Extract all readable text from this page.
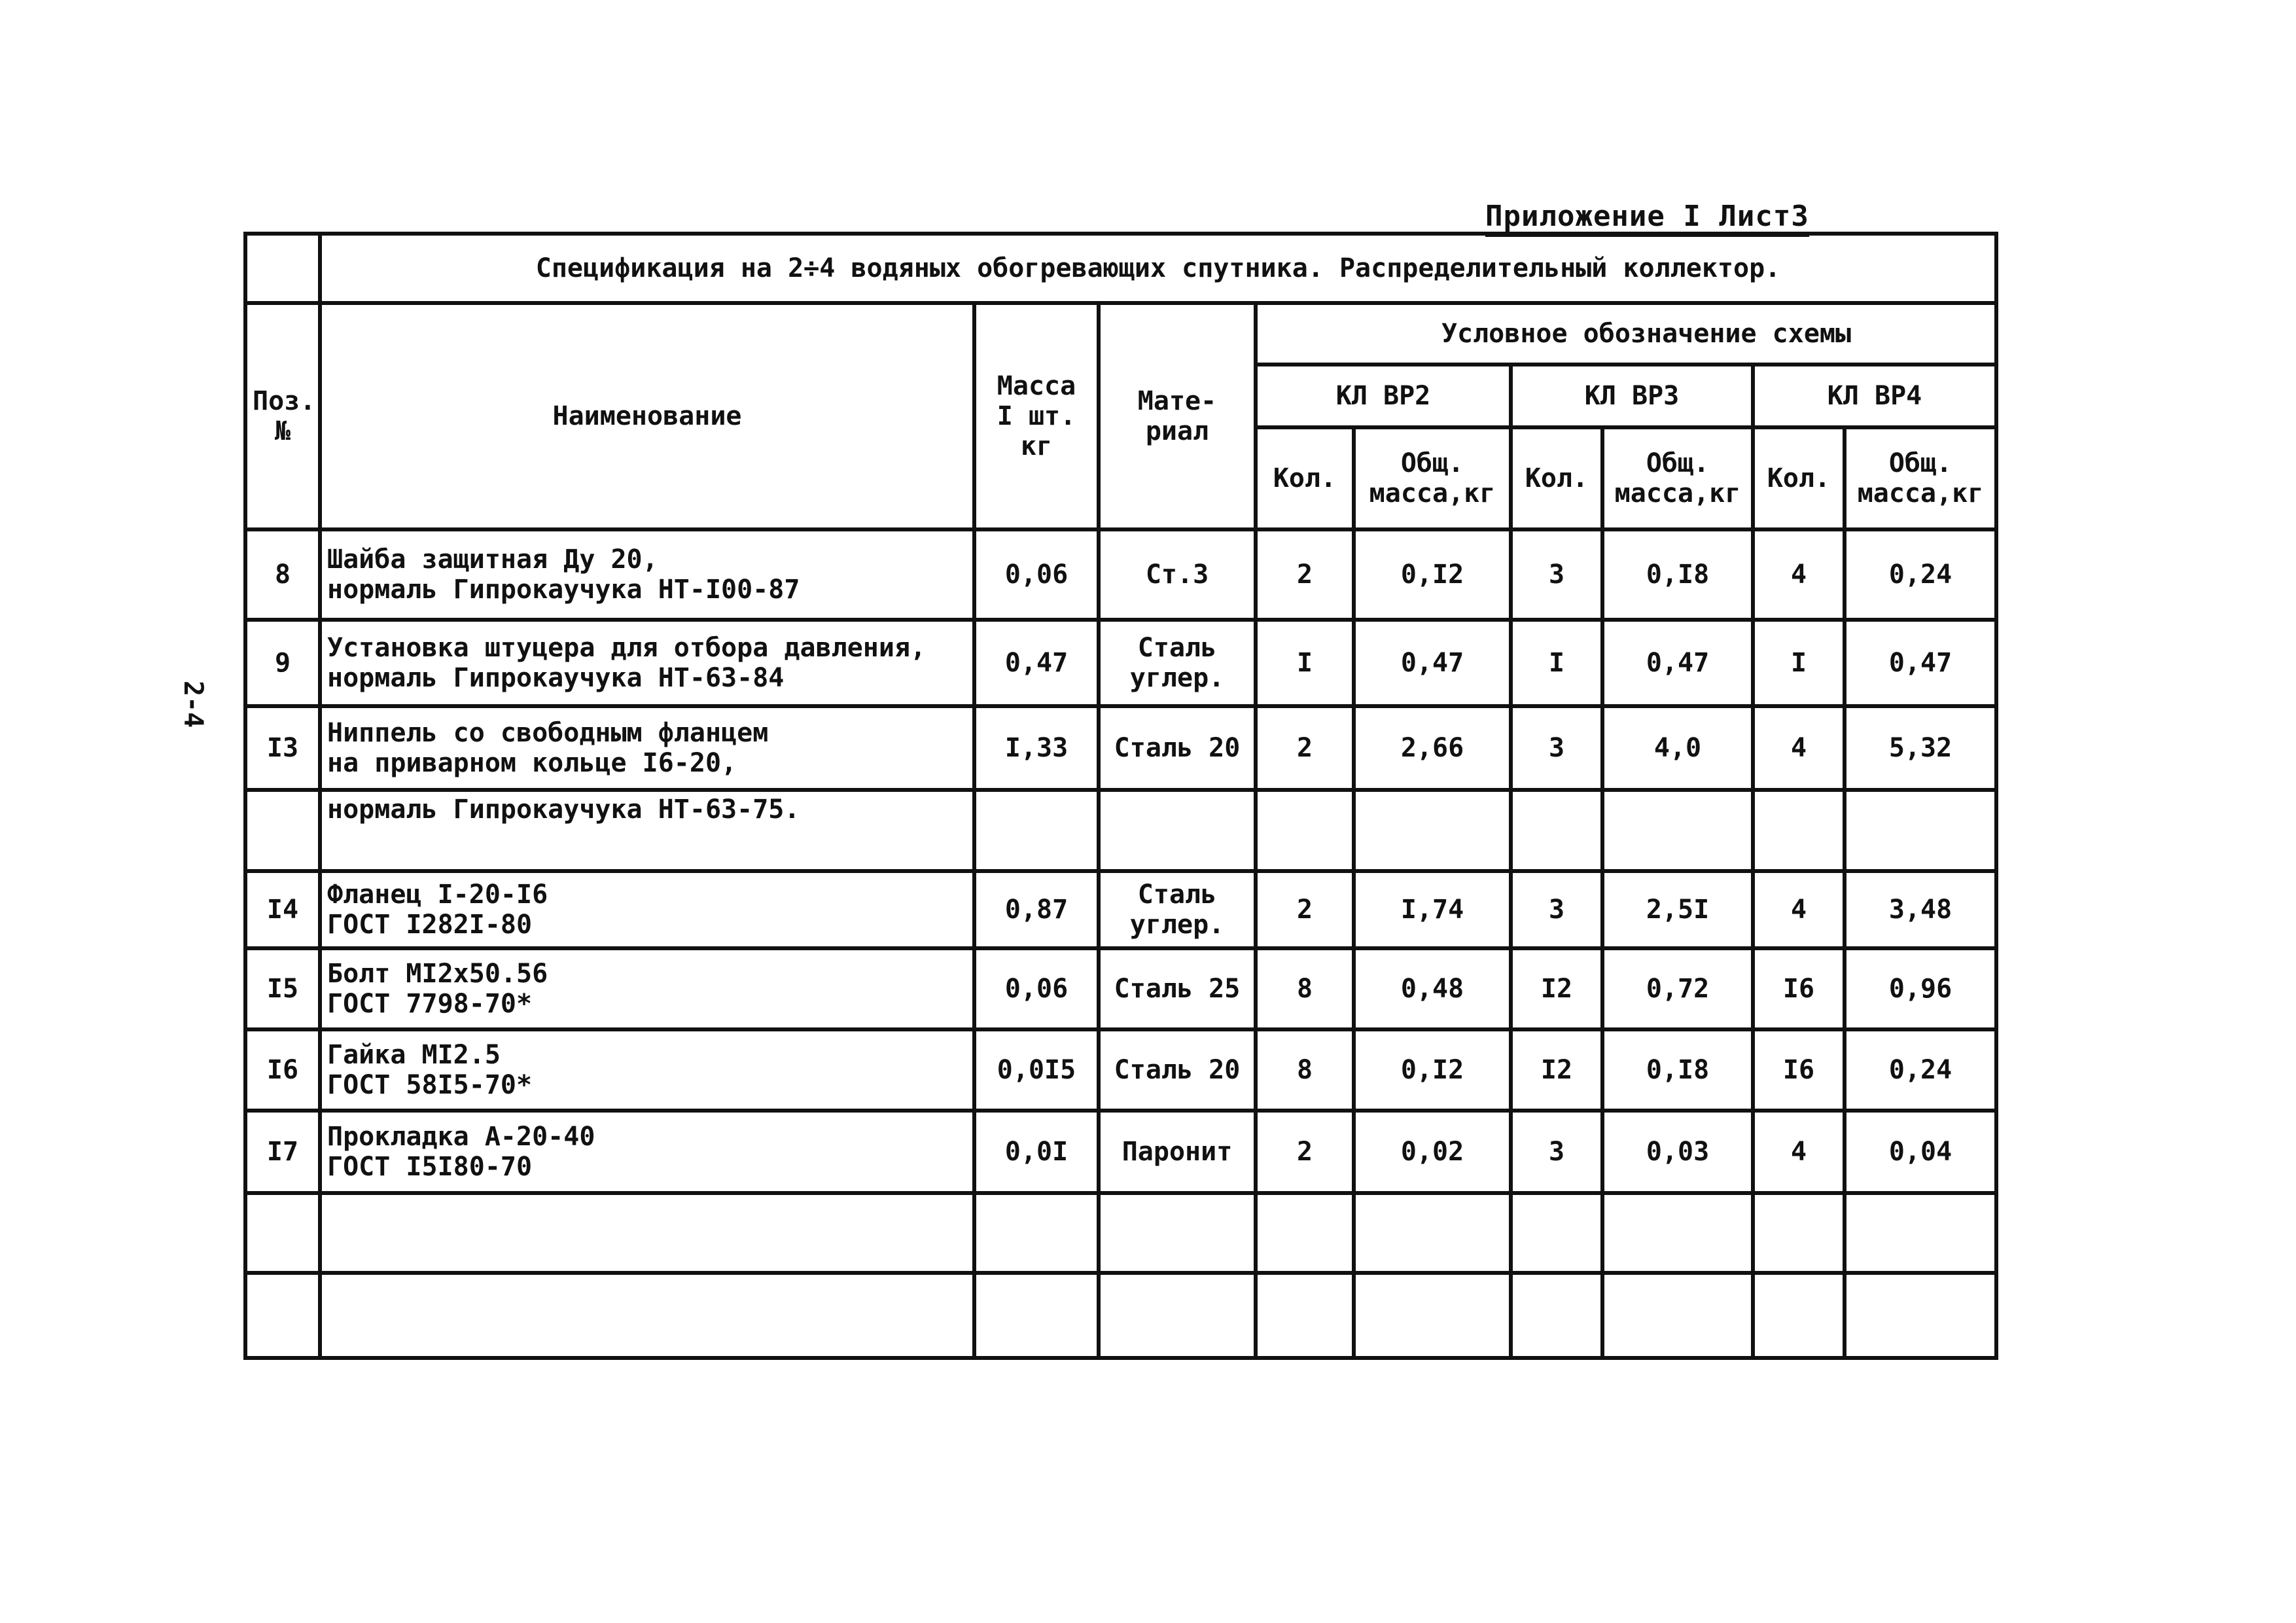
Приложение I Лист3
2-4
	Спецификация на 2÷4 водяных обогревающих спутника. Распределительный коллектор.								
Поз. №	Наименование	Масса I шт. кг	Мате- риал	Условное обозначение схемы					
				КЛ ВР2		КЛ ВР3		КЛ ВР4	
				Кол.	Общ. масса,кг	Кол.	Общ. масса,кг	Кол.	Общ. масса,кг
8	Шайба защитная Ду 20,
нормаль Гипрокаучука НТ-I00-87	0,06	Ст.3	2	0,I2	3	0,I8	4	0,24
9	Установка штуцера для отбора давления,
нормаль Гипрокаучука НТ-63-84	0,47	Сталь углер.	I	0,47	I	0,47	I	0,47
I3	Ниппель со свободным фланцем
на приварном кольце I6-20,	I,33	Сталь 20	2	2,66	3	4,0	4	5,32
	нормаль Гипрокаучука НТ-63-75.								
I4	Фланец I-20-I6
ГОСТ I282I-80	0,87	Сталь углер.	2	I,74	3	2,5I	4	3,48
I5	Болт MI2x50.56
ГОСТ 7798-70*	0,06	Сталь 25	8	0,48	I2	0,72	I6	0,96
I6	Гайка MI2.5
ГОСТ 58I5-70*	0,0I5	Сталь 20	8	0,I2	I2	0,I8	I6	0,24
I7	Прокладка А-20-40
ГОСТ I5I80-70	0,0I	Паронит	2	0,02	3	0,03	4	0,04
